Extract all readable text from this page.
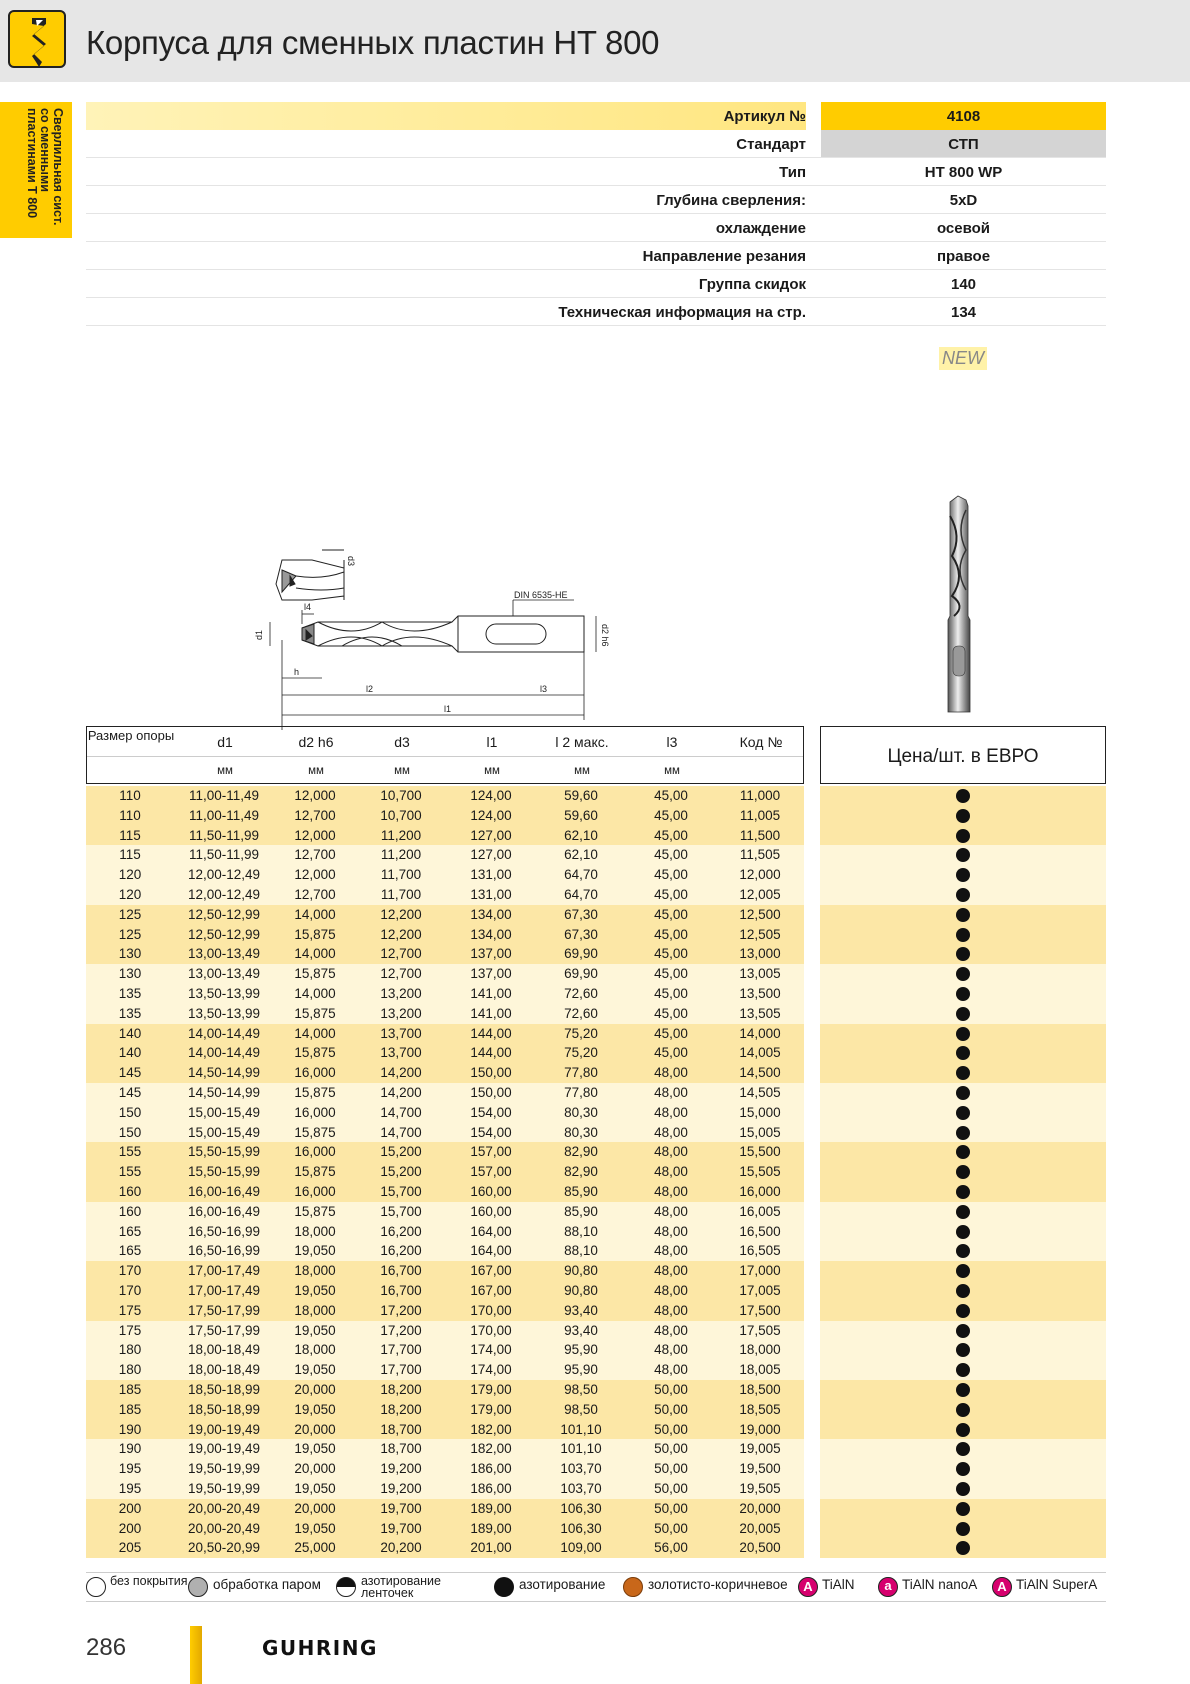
Корпуса для сменных пластин HT 800
Сверлильная сист.
со сменными
пластинами Т 800	Артикул №	4108
Стандарт	СТП
Тип	HT 800 WP
Глубина сверления:	5xD
охлаждение	осевой
Направление резания	правое
Группа скидок	140
Техническая информация на стр.	134
NEW
d3
DIN 6535-HE
l4
d1	d2 h6
h
l2	l3
l1
Размер опоры	d1	d2 h6	d3	l1	l 2 макс.	l3	Код №
мм	мм	мм	мм	мм	мм
Цена/шт. в ЕВРО
110	11,00-11,49	12,000	10,700	124,00	59,60	45,00	11,000
110	11,00-11,49	12,700	10,700	124,00	59,60	45,00	11,005
115	11,50-11,99	12,000	11,200	127,00	62,10	45,00	11,500
115	11,50-11,99	12,700	11,200	127,00	62,10	45,00	11,505
120	12,00-12,49	12,000	11,700	131,00	64,70	45,00	12,000
120	12,00-12,49	12,700	11,700	131,00	64,70	45,00	12,005
125	12,50-12,99	14,000	12,200	134,00	67,30	45,00	12,500
125	12,50-12,99	15,875	12,200	134,00	67,30	45,00	12,505
130	13,00-13,49	14,000	12,700	137,00	69,90	45,00	13,000
130	13,00-13,49	15,875	12,700	137,00	69,90	45,00	13,005
135	13,50-13,99	14,000	13,200	141,00	72,60	45,00	13,500
135	13,50-13,99	15,875	13,200	141,00	72,60	45,00	13,505
140	14,00-14,49	14,000	13,700	144,00	75,20	45,00	14,000
140	14,00-14,49	15,875	13,700	144,00	75,20	45,00	14,005
145	14,50-14,99	16,000	14,200	150,00	77,80	48,00	14,500
145	14,50-14,99	15,875	14,200	150,00	77,80	48,00	14,505
150	15,00-15,49	16,000	14,700	154,00	80,30	48,00	15,000
150	15,00-15,49	15,875	14,700	154,00	80,30	48,00	15,005
155	15,50-15,99	16,000	15,200	157,00	82,90	48,00	15,500
155	15,50-15,99	15,875	15,200	157,00	82,90	48,00	15,505
160	16,00-16,49	16,000	15,700	160,00	85,90	48,00	16,000
160	16,00-16,49	15,875	15,700	160,00	85,90	48,00	16,005
165	16,50-16,99	18,000	16,200	164,00	88,10	48,00	16,500
165	16,50-16,99	19,050	16,200	164,00	88,10	48,00	16,505
170	17,00-17,49	18,000	16,700	167,00	90,80	48,00	17,000
170	17,00-17,49	19,050	16,700	167,00	90,80	48,00	17,005
175	17,50-17,99	18,000	17,200	170,00	93,40	48,00	17,500
175	17,50-17,99	19,050	17,200	170,00	93,40	48,00	17,505
180	18,00-18,49	18,000	17,700	174,00	95,90	48,00	18,000
180	18,00-18,49	19,050	17,700	174,00	95,90	48,00	18,005
185	18,50-18,99	20,000	18,200	179,00	98,50	50,00	18,500
185	18,50-18,99	19,050	18,200	179,00	98,50	50,00	18,505
190	19,00-19,49	20,000	18,700	182,00	101,10	50,00	19,000
190	19,00-19,49	19,050	18,700	182,00	101,10	50,00	19,005
195	19,50-19,99	20,000	19,200	186,00	103,70	50,00	19,500
195	19,50-19,99	19,050	19,200	186,00	103,70	50,00	19,505
200	20,00-20,49	20,000	19,700	189,00	106,30	50,00	20,000
200	20,00-20,49	19,050	19,700	189,00	106,30	50,00	20,005
205	20,50-20,99	25,000	20,200	201,00	109,00	56,00	20,500
без покрытия обработка паром	азотирование ленточек
азотирование	золотисто-коричневое	A TiAlN	a TiAlN nanoA	A TiAlN SuperA
286	GUHRING
